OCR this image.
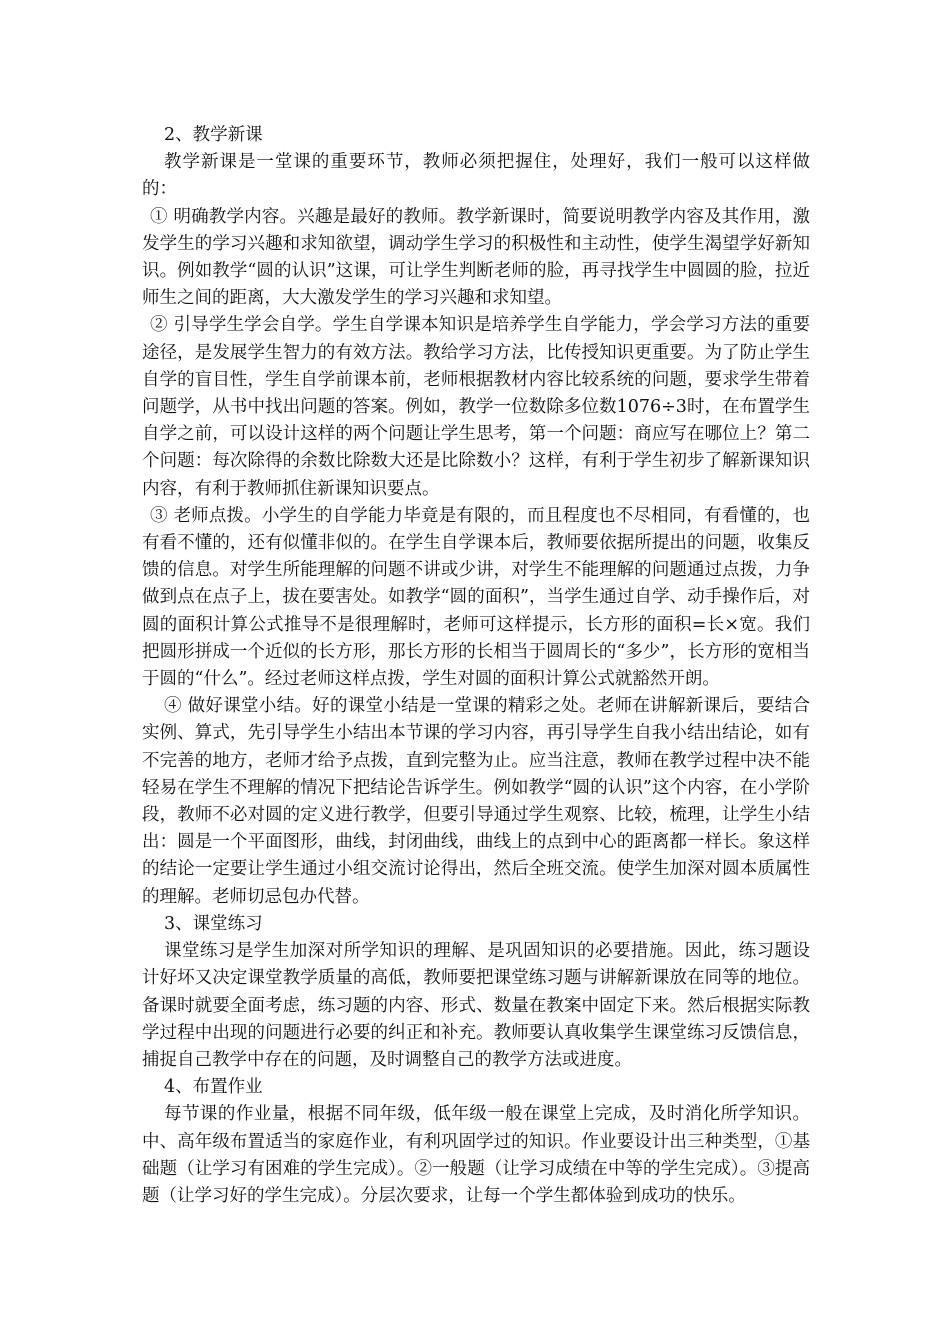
2、教学新课

教学新课是一堂课的重要环节，教师必须把握住，处理好，我们一般可以这样做的：

① 明确教学内容。兴趣是最好的教师。教学新课时，简要说明教学内容及其作用，激发学生的学习兴趣和求知欲望，调动学生学习的积极性和主动性，使学生渴望学好新知识。例如教学“圆的认识”这课，可让学生判断老师的脸，再寻找学生中圆圆的脸，拉近师生之间的距离，大大激发学生的学习兴趣和求知望。

② 引导学生学会自学。学生自学课本知识是培养学生自学能力，学会学习方法的重要途径，是发展学生智力的有效方法。教给学习方法，比传授知识更重要。为了防止学生自学的盲目性，学生自学前课本前，老师根据教材内容比较系统的问题，要求学生带着问题学，从书中找出问题的答案。例如，教学一位数除多位数1076÷3时，在布置学生自学之前，可以设计这样的两个问题让学生思考，第一个问题：商应写在哪位上？第二个问题：每次除得的余数比除数大还是比除数小？这样，有利于学生初步了解新课知识内容，有利于教师抓住新课知识要点。

③ 老师点拨。小学生的自学能力毕竟是有限的，而且程度也不尽相同，有看懂的，也有看不懂的，还有似懂非似的。在学生自学课本后，教师要依据所提出的问题，收集反馈的信息。对学生所能理解的问题不讲或少讲，对学生不能理解的问题通过点拨，力争做到点在点子上，拔在要害处。如教学“圆的面积”，当学生通过自学、动手操作后，对圆的面积计算公式推导不是很理解时，老师可这样提示，长方形的面积=长×宽。我们把圆形拼成一个近似的长方形，那长方形的长相当于圆周长的“多少”，长方形的宽相当于圆的“什么”。经过老师这样点拨，学生对圆的面积计算公式就豁然开朗。

④ 做好课堂小结。好的课堂小结是一堂课的精彩之处。老师在讲解新课后，要结合实例、算式，先引导学生小结出本节课的学习内容，再引导学生自我小结出结论，如有不完善的地方，老师才给予点拨，直到完整为止。应当注意，教师在教学过程中决不能轻易在学生不理解的情况下把结论告诉学生。例如教学“圆的认识”这个内容，在小学阶段，教师不必对圆的定义进行教学，但要引导通过学生观察、比较，梳理，让学生小结出：圆是一个平面图形，曲线，封闭曲线，曲线上的点到中心的距离都一样长。象这样的结论一定要让学生通过小组交流讨论得出，然后全班交流。使学生加深对圆本质属性的理解。老师切忌包办代替。

3、课堂练习

课堂练习是学生加深对所学知识的理解、是巩固知识的必要措施。因此，练习题设计好坏又决定课堂教学质量的高低，教师要把课堂练习题与讲解新课放在同等的地位。备课时就要全面考虑，练习题的内容、形式、数量在教案中固定下来。然后根据实际教学过程中出现的问题进行必要的纠正和补充。教师要认真收集学生课堂练习反馈信息，捕捉自己教学中存在的问题，及时调整自己的教学方法或进度。

4、布置作业

每节课的作业量，根据不同年级，低年级一般在课堂上完成，及时消化所学知识。中、高年级布置适当的家庭作业，有利巩固学过的知识。作业要设计出三种类型，①基础题（让学习有困难的学生完成）。②一般题（让学习成绩在中等的学生完成）。③提高题（让学习好的学生完成）。分层次要求，让每一个学生都体验到成功的快乐。
